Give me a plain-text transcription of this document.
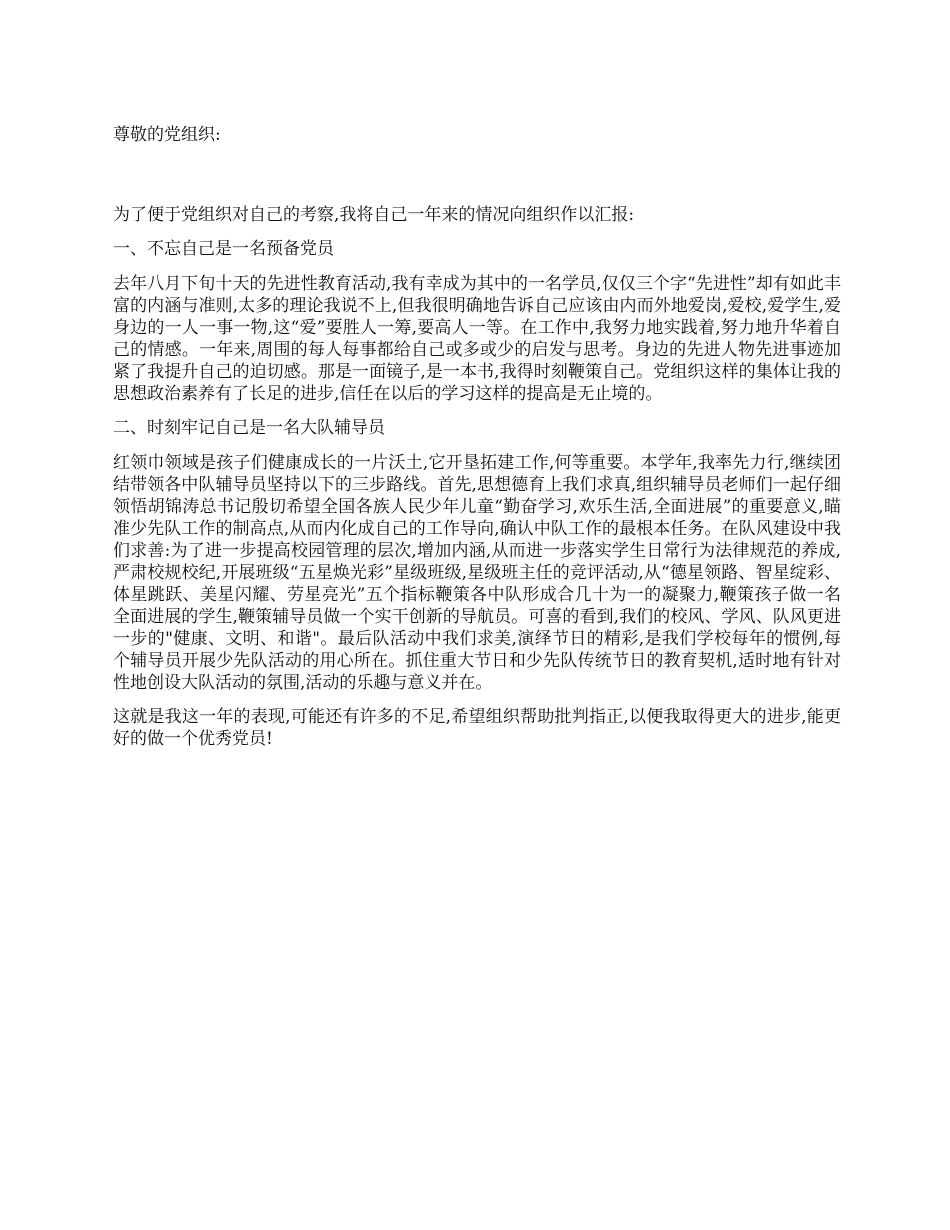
尊敬的党组织:

为了便于党组织对自己的考察,我将自己一年来的情况向组织作以汇报:

一、不忘自己是一名预备党员

去年八月下旬十天的先进性教育活动,我有幸成为其中的一名学员,仅仅三个字“先进性”却有如此丰富的内涵与准则,太多的理论我说不上,但我很明确地告诉自己应该由内而外地爱岗,爱校,爱学生,爱身边的一人一事一物,这“爱”要胜人一筹,要高人一等。在工作中,我努力地实践着,努力地升华着自己的情感。一年来,周围的每人每事都给自己或多或少的启发与思考。身边的先进人物先进事迹加紧了我提升自己的迫切感。那是一面镜子,是一本书,我得时刻鞭策自己。党组织这样的集体让我的思想政治素养有了长足的进步,信任在以后的学习这样的提高是无止境的。

二、时刻牢记自己是一名大队辅导员

红领巾领域是孩子们健康成长的一片沃土,它开垦拓建工作,何等重要。本学年,我率先力行,继续团结带领各中队辅导员坚持以下的三步路线。首先,思想德育上我们求真,组织辅导员老师们一起仔细领悟胡锦涛总书记殷切希望全国各族人民少年儿童“勤奋学习,欢乐生活,全面进展”的重要意义,瞄准少先队工作的制高点,从而内化成自己的工作导向,确认中队工作的最根本任务。在队风建设中我们求善:为了进一步提高校园管理的层次,增加内涵,从而进一步落实学生日常行为法律规范的养成,严肃校规校纪,开展班级“五星焕光彩”星级班级,星级班主任的竞评活动,从“德星领路、智星绽彩、体星跳跃、美星闪耀、劳星亮光”五个指标鞭策各中队形成合几十为一的凝聚力,鞭策孩子做一名全面进展的学生,鞭策辅导员做一个实干创新的导航员。可喜的看到,我们的校风、学风、队风更进一步的"健康、文明、和谐"。最后队活动中我们求美,演绎节日的精彩,是我们学校每年的惯例,每个辅导员开展少先队活动的用心所在。抓住重大节日和少先队传统节日的教育契机,适时地有针对性地创设大队活动的氛围,活动的乐趣与意义并在。

这就是我这一年的表现,可能还有许多的不足,希望组织帮助批判指正,以便我取得更大的进步,能更好的做一个优秀党员!
